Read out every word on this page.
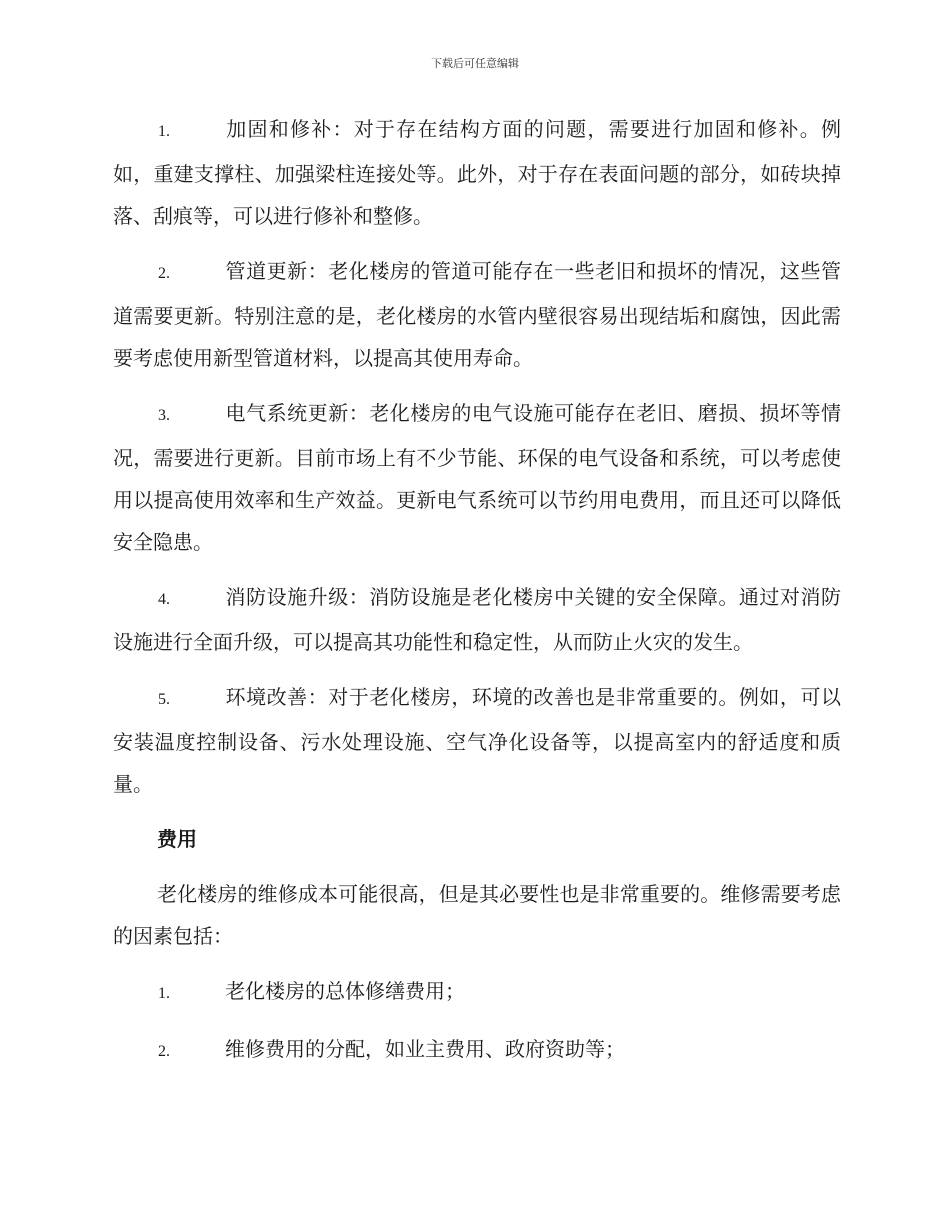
下载后可任意编辑

1.	加固和修补：对于存在结构方面的问题，需要进行加固和修补。例如，重建支撑柱、加强梁柱连接处等。此外，对于存在表面问题的部分，如砖块掉落、刮痕等，可以进行修补和整修。

2.	管道更新：老化楼房的管道可能存在一些老旧和损坏的情况，这些管道需要更新。特别注意的是，老化楼房的水管内壁很容易出现结垢和腐蚀，因此需要考虑使用新型管道材料，以提高其使用寿命。

3.	电气系统更新：老化楼房的电气设施可能存在老旧、磨损、损坏等情况，需要进行更新。目前市场上有不少节能、环保的电气设备和系统，可以考虑使用以提高使用效率和生产效益。更新电气系统可以节约用电费用，而且还可以降低安全隐患。

4.	消防设施升级：消防设施是老化楼房中关键的安全保障。通过对消防设施进行全面升级，可以提高其功能性和稳定性，从而防止火灾的发生。

5.	环境改善：对于老化楼房，环境的改善也是非常重要的。例如，可以安装温度控制设备、污水处理设施、空气净化设备等，以提高室内的舒适度和质量。

费用

老化楼房的维修成本可能很高，但是其必要性也是非常重要的。维修需要考虑的因素包括：

1.	老化楼房的总体修缮费用；

2.	维修费用的分配，如业主费用、政府资助等；
